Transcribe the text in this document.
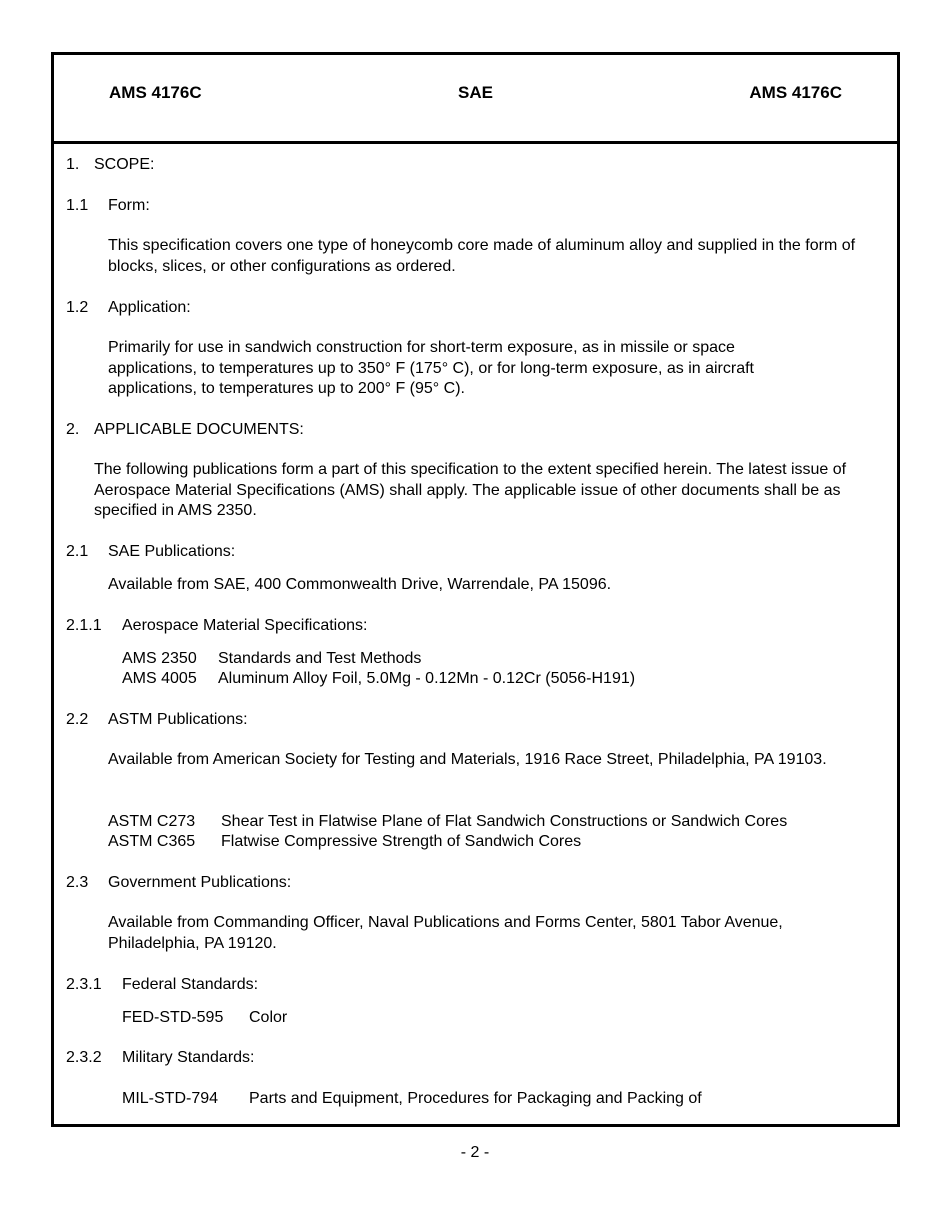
AMS 4176C	SAE	AMS 4176C
1. SCOPE:
1.1 Form:
This specification covers one type of honeycomb core made of aluminum alloy and supplied in the form of blocks, slices, or other configurations as ordered.
1.2 Application:
Primarily for use in sandwich construction for short-term exposure, as in missile or space applications, to temperatures up to 350° F (175° C), or for long-term exposure, as in aircraft applications, to temperatures up to 200° F (95° C).
2. APPLICABLE DOCUMENTS:
The following publications form a part of this specification to the extent specified herein. The latest issue of Aerospace Material Specifications (AMS) shall apply. The applicable issue of other documents shall be as specified in AMS 2350.
2.1 SAE Publications:
Available from SAE, 400 Commonwealth Drive, Warrendale, PA 15096.
2.1.1 Aerospace Material Specifications:
AMS 2350 Standards and Test Methods
AMS 4005 Aluminum Alloy Foil, 5.0Mg - 0.12Mn - 0.12Cr (5056-H191)
2.2 ASTM Publications:
Available from American Society for Testing and Materials, 1916 Race Street, Philadelphia, PA 19103.
ASTM C273 Shear Test in Flatwise Plane of Flat Sandwich Constructions or Sandwich Cores
ASTM C365 Flatwise Compressive Strength of Sandwich Cores
2.3 Government Publications:
Available from Commanding Officer, Naval Publications and Forms Center, 5801 Tabor Avenue, Philadelphia, PA 19120.
2.3.1 Federal Standards:
FED-STD-595 Color
2.3.2 Military Standards:
MIL-STD-794 Parts and Equipment, Procedures for Packaging and Packing of
- 2 -
